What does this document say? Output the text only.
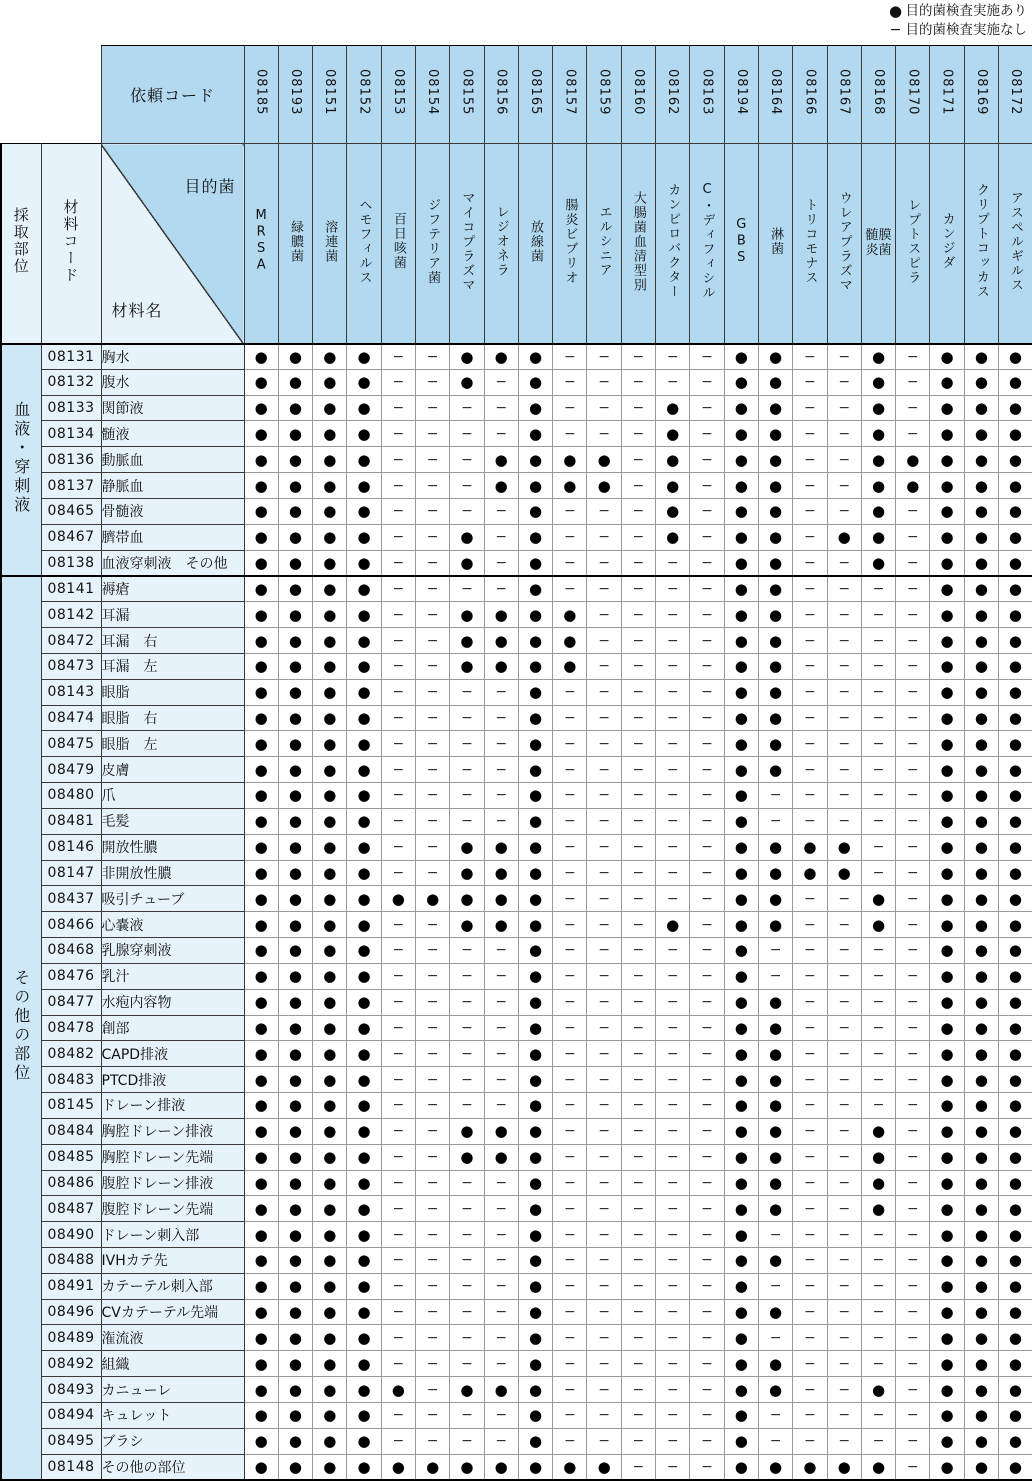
● 目的菌検査実施あり
− 目的菌検査実施なし
		依頼コード	08185	08193	08151	08152	08153	08154	08155	08156	08165	08157	08159	08160	08162	08163	08194	08164	08166	08167	08168	08170	08171	08169	08172
採取部位	材料コード	目的菌
材料名	MRSA	緑膿菌	溶連菌	ヘモフィルス	百日咳菌	ジフテリア菌	マイコプラズマ	レジオネラ	放線菌	腸炎ビブリオ	エルシニア	大腸菌血清型別	カンピロバクター	C・ディフィシル	GBS	淋菌	トリコモナス	ウレアプラズマ	髄膜
炎菌	レプトスピラ	カンジダ	クリプトコッカス	アスペルギルス
血液・穿刺液	08131	胸水	●	●	●	●	−	−	●	●	●	−	−	−	−	−	●	●	−	−	●	−	●	●	●
	08132	腹水	●	●	●	●	−	−	●	−	●	−	−	−	−	−	●	●	−	−	●	−	●	●	●
	08133	関節液	●	●	●	●	−	−	−	−	●	−	−	−	●	−	●	●	−	−	●	−	●	●	●
	08134	髄液	●	●	●	●	−	−	−	−	●	−	−	−	●	−	●	●	−	−	●	−	●	●	●
	08136	動脈血	●	●	●	●	−	−	−	●	●	●	●	−	●	−	●	●	−	−	●	●	●	●	●
	08137	静脈血	●	●	●	●	−	−	−	●	●	●	●	−	●	−	●	●	−	−	●	●	●	●	●
	08465	骨髄液	●	●	●	●	−	−	−	−	●	−	−	−	●	−	●	●	−	−	●	−	●	●	●
	08467	臍帯血	●	●	●	●	−	−	●	−	●	−	−	−	●	−	●	●	−	●	●	−	●	●	●
	08138	血液穿刺液　その他	●	●	●	●	−	−	●	−	●	−	−	−	−	−	●	●	−	−	●	−	●	●	●
その他の部位	08141	褥瘡	●	●	●	●	−	−	−	−	●	−	−	−	−	−	●	●	−	−	−	−	●	●	●
	08142	耳漏	●	●	●	●	−	−	●	●	●	●	−	−	−	−	●	●	−	−	−	−	●	●	●
	08472	耳漏　右	●	●	●	●	−	−	●	●	●	●	−	−	−	−	●	●	−	−	−	−	●	●	●
	08473	耳漏　左	●	●	●	●	−	−	●	●	●	●	−	−	−	−	●	●	−	−	−	−	●	●	●
	08143	眼脂	●	●	●	●	−	−	−	−	●	−	−	−	−	−	●	●	−	−	−	−	●	●	●
	08474	眼脂　右	●	●	●	●	−	−	−	−	●	−	−	−	−	−	●	●	−	−	−	−	●	●	●
	08475	眼脂　左	●	●	●	●	−	−	−	−	●	−	−	−	−	−	●	●	−	−	−	−	●	●	●
	08479	皮膚	●	●	●	●	−	−	−	−	●	−	−	−	−	−	●	●	−	−	−	−	●	●	●
	08480	爪	●	●	●	●	−	−	−	−	●	−	−	−	−	−	●	−	−	−	−	−	●	●	●
	08481	毛髪	●	●	●	●	−	−	−	−	●	−	−	−	−	−	●	−	−	−	−	−	●	●	●
	08146	開放性膿	●	●	●	●	−	−	●	●	●	−	−	−	−	−	●	●	●	●	−	−	●	●	●
	08147	非開放性膿	●	●	●	●	−	−	●	●	●	−	−	−	−	−	●	●	●	●	−	−	●	●	●
	08437	吸引チューブ	●	●	●	●	●	●	●	●	●	−	−	−	−	−	●	●	−	−	●	−	●	●	●
	08466	心嚢液	●	●	●	●	−	−	●	●	●	−	−	−	●	−	●	●	−	−	●	−	●	●	●
	08468	乳腺穿刺液	●	●	●	●	−	−	−	−	●	−	−	−	−	−	●	−	−	−	−	−	●	●	●
	08476	乳汁	●	●	●	●	−	−	−	−	●	−	−	−	−	−	●	−	−	−	−	−	●	●	●
	08477	水疱内容物	●	●	●	●	−	−	−	−	●	−	−	−	−	−	●	●	−	−	−	−	●	●	●
	08478	創部	●	●	●	●	−	−	−	−	●	−	−	−	−	−	●	●	−	−	−	−	●	●	●
	08482	CAPD排液	●	●	●	●	−	−	−	−	●	−	−	−	−	−	●	●	−	−	−	−	●	●	●
	08483	PTCD排液	●	●	●	●	−	−	−	−	●	−	−	−	−	−	●	●	−	−	−	−	●	●	●
	08145	ドレーン排液	●	●	●	●	−	−	−	−	●	−	−	−	−	−	●	●	−	−	−	−	●	●	●
	08484	胸腔ドレーン排液	●	●	●	●	−	−	●	●	●	−	−	−	−	−	●	●	−	−	●	−	●	●	●
	08485	胸腔ドレーン先端	●	●	●	●	−	−	●	●	●	−	−	−	−	−	●	●	−	−	●	−	●	●	●
	08486	腹腔ドレーン排液	●	●	●	●	−	−	−	−	●	−	−	−	−	−	●	●	−	−	●	−	●	●	●
	08487	腹腔ドレーン先端	●	●	●	●	−	−	−	−	●	−	−	−	−	−	●	●	−	−	●	−	●	●	●
	08490	ドレーン刺入部	●	●	●	●	−	−	−	−	●	−	−	−	−	−	●	−	−	−	−	−	●	●	●
	08488	IVHカテ先	●	●	●	●	−	−	−	−	●	−	−	−	−	−	●	●	−	−	−	−	●	●	●
	08491	カテーテル刺入部	●	●	●	●	−	−	−	−	●	−	−	−	−	−	●	−	−	−	−	−	●	●	●
	08496	CVカテーテル先端	●	●	●	●	−	−	−	−	●	−	−	−	−	−	●	●	−	−	−	−	●	●	●
	08489	潅流液	●	●	●	●	−	−	−	−	●	−	−	−	−	−	●	−	−	−	−	−	●	●	●
	08492	組織	●	●	●	●	−	−	−	−	●	−	−	−	−	−	●	●	−	−	−	−	●	●	●
	08493	カニューレ	●	●	●	●	●	−	●	●	●	−	−	−	−	−	●	●	−	−	●	−	●	●	●
	08494	キュレット	●	●	●	●	−	−	−	−	●	−	−	−	−	−	●	−	−	−	−	−	●	●	●
	08495	ブラシ	●	●	●	●	−	−	−	−	●	−	−	−	−	−	●	−	−	−	−	−	●	●	●
	08148	その他の部位	●	●	●	●	●	●	●	●	●	●	●	−	−	−	●	●	●	●	●	−	●	●	●
